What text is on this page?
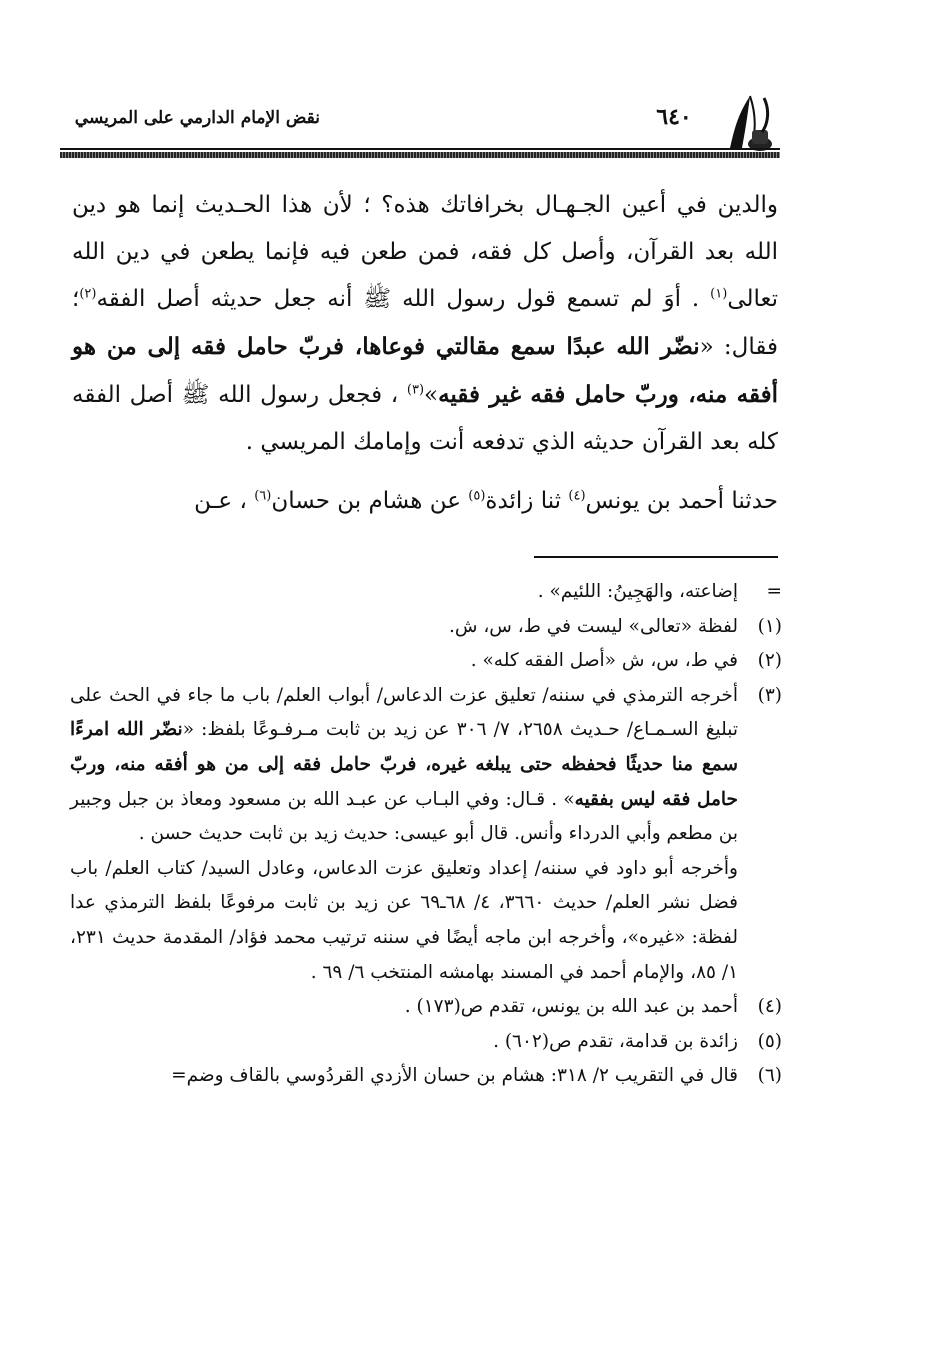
نقض الإمام الدارمي على المريسي	٦٤٠

والدين في أعين الجـهـال بخرافاتك هذه؟ ؛ لأن هذا الحـديث إنما هو دين الله بعد القرآن، وأصل كل فقه، فمن طعن فيه فإنما يطعن في دين الله تعالى$^{(١)}$ . أوَ لم تسمع قول رسول الله ﷺ أنه جعل حديثه أصل الفقه$^{(٢)}$؛ فقال: «نضّر الله عبدًا سمع مقالتي فوعاها، فربّ حامل فقه إلى من هو أفقه منه، وربّ حامل فقه غير فقيه»$^{(٣)}$ ، فجعل رسول الله ﷺ أصل الفقه كله بعد القرآن حديثه الذي تدفعه أنت وإمامك المريسي .

حدثنا أحمد بن يونس$^{(٤)}$ ثنا زائدة$^{(٥)}$ عن هشام بن حسان$^{(٦)}$ ، عـن

=إضاعته، والهَجِينُ: اللئيم» .

(١)لفظة «تعالى» ليست في ط، س، ش.

(٢)في ط، س، ش «أصل الفقه كله» .

(٣)أخرجه الترمذي في سننه/ تعليق عزت الدعاس/ أبواب العلم/ باب ما جاء في الحث على تبليغ السـمـاع/ حـديث ٢٦٥٨، ٧/ ٣٠٦ عن زيد بن ثابت مـرفـوعًا بلفظ: «نضّر الله امرءًا سمع منا حديثًا فحفظه حتى يبلغه غيره، فربّ حامل فقه إلى من هو أفقه منه، وربّ حامل فقه ليس بفقيه» . قـال: وفي البـاب عن عبـد الله بن مسعود ومعاذ بن جبل وجبير بن مطعم وأبي الدرداء وأنس. قال أبو عيسى: حديث زيد بن ثابت حديث حسن .

وأخرجه أبو داود في سننه/ إعداد وتعليق عزت الدعاس، وعادل السيد/ كتاب العلم/ باب فضل نشر العلم/ حديث ٣٦٦٠، ٤/ ٦٨ـ٦٩ عن زيد بن ثابت مرفوعًا بلفظ الترمذي عدا لفظة: «غيره»، وأخرجه ابن ماجه أيضًا في سننه ترتيب محمد فؤاد/ المقدمة حديث ٢٣١، ١/ ٨٥، والإمام أحمد في المسند بهامشه المنتخب ٦/ ٦٩ .

(٤)أحمد بن عبد الله بن يونس، تقدم ص(١٧٣) .

(٥)زائدة بن قدامة، تقدم ص(٦٠٢) .

(٦)قال في التقريب ٢/ ٣١٨: هشام بن حسان الأزدي القردُوسي بالقاف وضم=
